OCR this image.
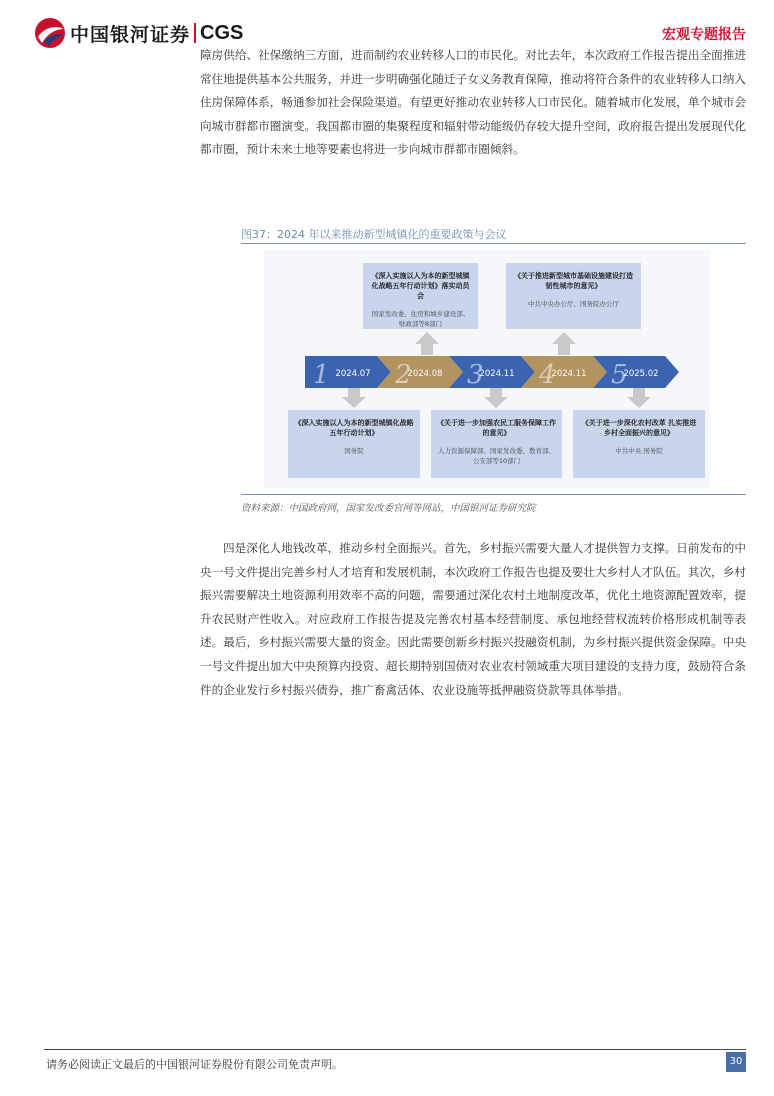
中国银河证券 CGS	宏观专题报告

障房供给、社保缴纳三方面，进而制约农业转移人口的市民化。对比去年，本次政府工作报告提出全面推进常住地提供基本公共服务，并进一步明确强化随迁子女义务教育保障，推动将符合条件的农业转移人口纳入住房保障体系，畅通参加社会保险渠道。有望更好推动农业转移人口市民化。随着城市化发展，单个城市会向城市群都市圈演变。我国都市圈的集聚程度和辐射带动能级仍存较大提升空间，政府报告提出发展现代化都市圈，预计未来土地等要素也将进一步向城市群都市圈倾斜。

图37：2024 年以来推动新型城镇化的重要政策与会议
《深入实施以人为本的新型城镇化战略五年行动计划》落实动员会
国家发改委、住房和城乡建设部、财政部等8部门
《关于推进新型城市基础设施建设打造韧性城市的意见》
中共中央办公厅、国务院办公厅
《深入实施以人为本的新型城镇化战略五年行动计划》
国务院
《关于进一步加强农民工服务保障工作的意见》
人力资源保障部、国家发改委、教育部、公安部等10部门
《关于进一步深化农村改革 扎实推进乡村全面振兴的意见》
中共中央 国务院
1 2024.07 2
2024.08 3
2024.11 4
2024.11 5
2025.02
资料来源：中国政府网，国家发改委官网等网站，中国银河证券研究院

四是深化人地钱改革，推动乡村全面振兴。首先，乡村振兴需要大量人才提供智力支撑。日前发布的中央一号文件提出完善乡村人才培育和发展机制，本次政府工作报告也提及要壮大乡村人才队伍。其次，乡村振兴需要解决土地资源利用效率不高的问题，需要通过深化农村土地制度改革，优化土地资源配置效率，提升农民财产性收入。对应政府工作报告提及完善农村基本经营制度、承包地经营权流转价格形成机制等表述。最后，乡村振兴需要大量的资金。因此需要创新乡村振兴投融资机制，为乡村振兴提供资金保障。中央一号文件提出加大中央预算内投资、超长期特别国债对农业农村领域重大项目建设的支持力度，鼓励符合条件的企业发行乡村振兴债券，推广畜禽活体、农业设施等抵押融资贷款等具体举措。

请务必阅读正文最后的中国银河证券股份有限公司免责声明。	30
